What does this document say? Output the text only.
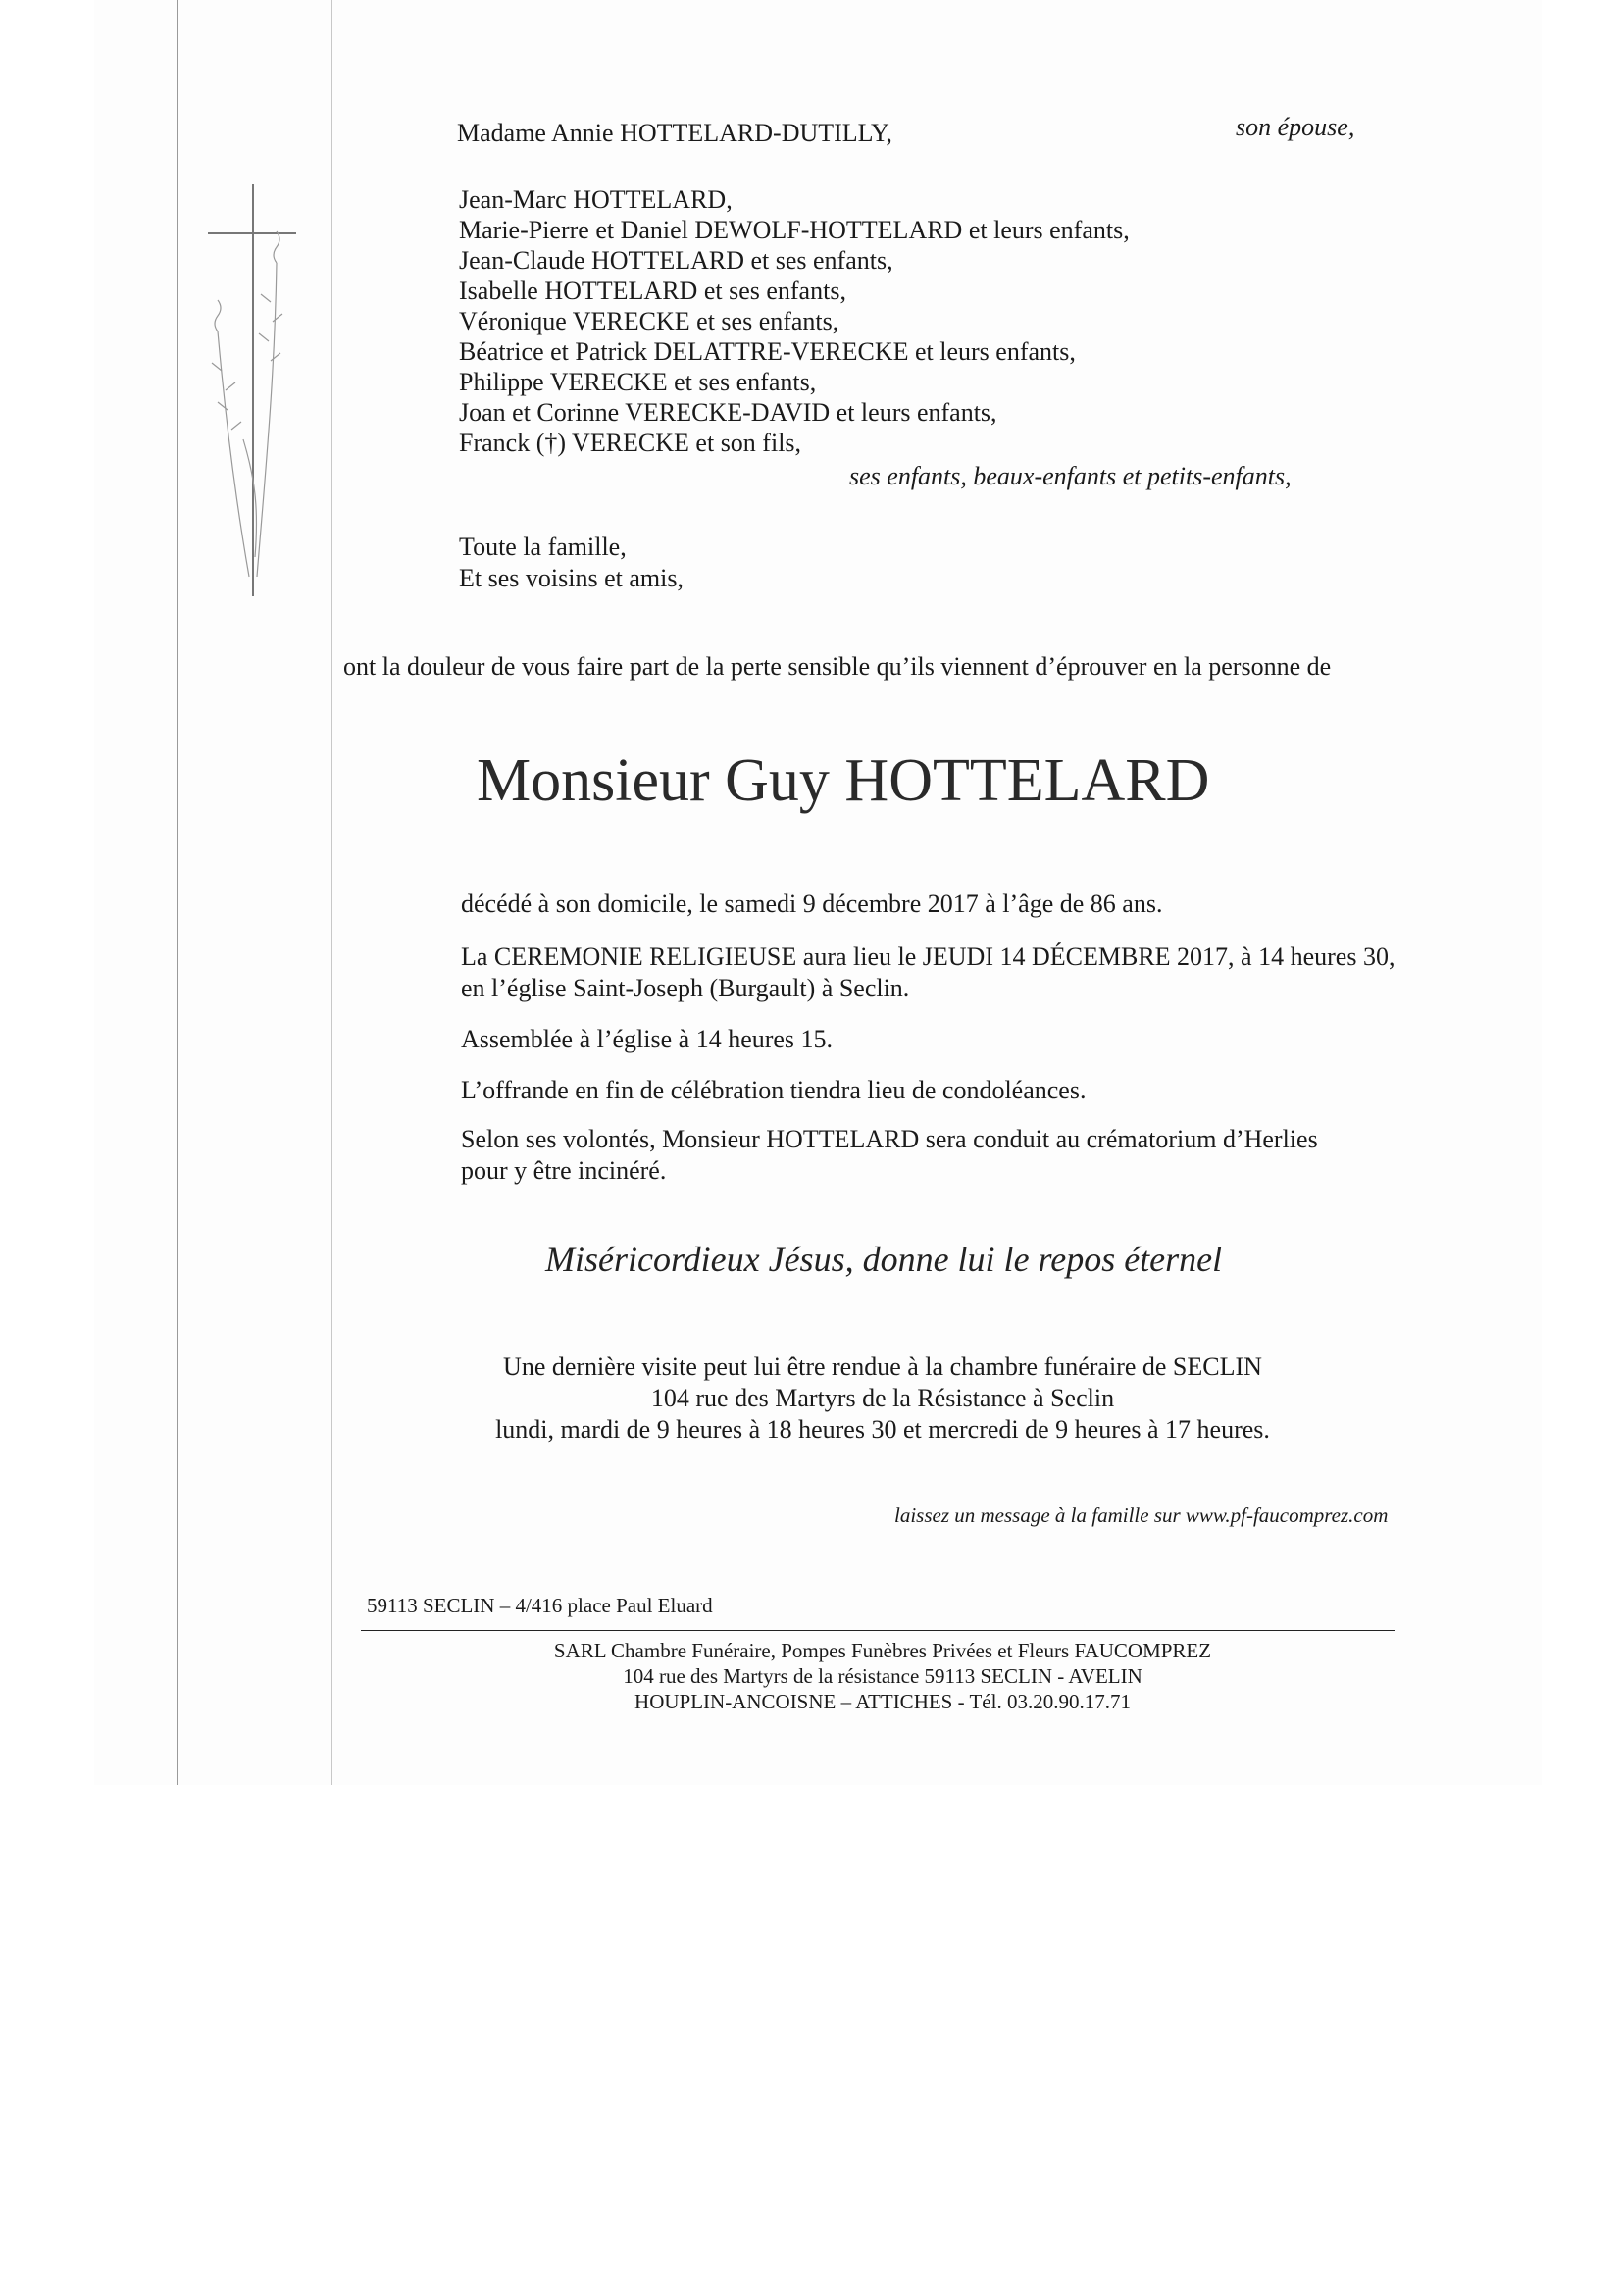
Madame Annie HOTTELARD-DUTILLY,	son épouse,
Jean-Marc HOTTELARD,
Marie-Pierre et Daniel DEWOLF-HOTTELARD et leurs enfants,
Jean-Claude HOTTELARD et ses enfants,
Isabelle HOTTELARD et ses enfants,
Véronique VERECKE et ses enfants,
Béatrice et Patrick DELATTRE-VERECKE et leurs enfants,
Philippe VERECKE et ses enfants,
Joan et Corinne VERECKE-DAVID et leurs enfants,
Franck (†) VERECKE et son fils,
ses enfants, beaux-enfants et petits-enfants,
Toute la famille,
Et ses voisins et amis,
ont la douleur de vous faire part de la perte sensible qu’ils viennent d’éprouver en la personne de
Monsieur Guy HOTTELARD
décédé à son domicile, le samedi 9 décembre 2017 à l’âge de 86 ans.
La CEREMONIE RELIGIEUSE aura lieu le JEUDI 14 DÉCEMBRE 2017, à 14 heures 30,
en l’église Saint-Joseph (Burgault) à Seclin.
Assemblée à l’église à 14 heures 15.
L’offrande en fin de célébration tiendra lieu de condoléances.
Selon ses volontés, Monsieur HOTTELARD sera conduit au crématorium d’Herlies
pour y être incinéré.
Miséricordieux Jésus, donne lui le repos éternel
Une dernière visite peut lui être rendue à la chambre funéraire de SECLIN
104 rue des Martyrs de la Résistance à Seclin
lundi, mardi de 9 heures à 18 heures 30 et mercredi de 9 heures à 17 heures.
laissez un message à la famille sur www.pf-faucomprez.com
59113 SECLIN – 4/416 place Paul Eluard
SARL Chambre Funéraire, Pompes Funèbres Privées et Fleurs FAUCOMPREZ
104 rue des Martyrs de la résistance 59113 SECLIN - AVELIN
HOUPLIN-ANCOISNE – ATTICHES - Tél. 03.20.90.17.71
